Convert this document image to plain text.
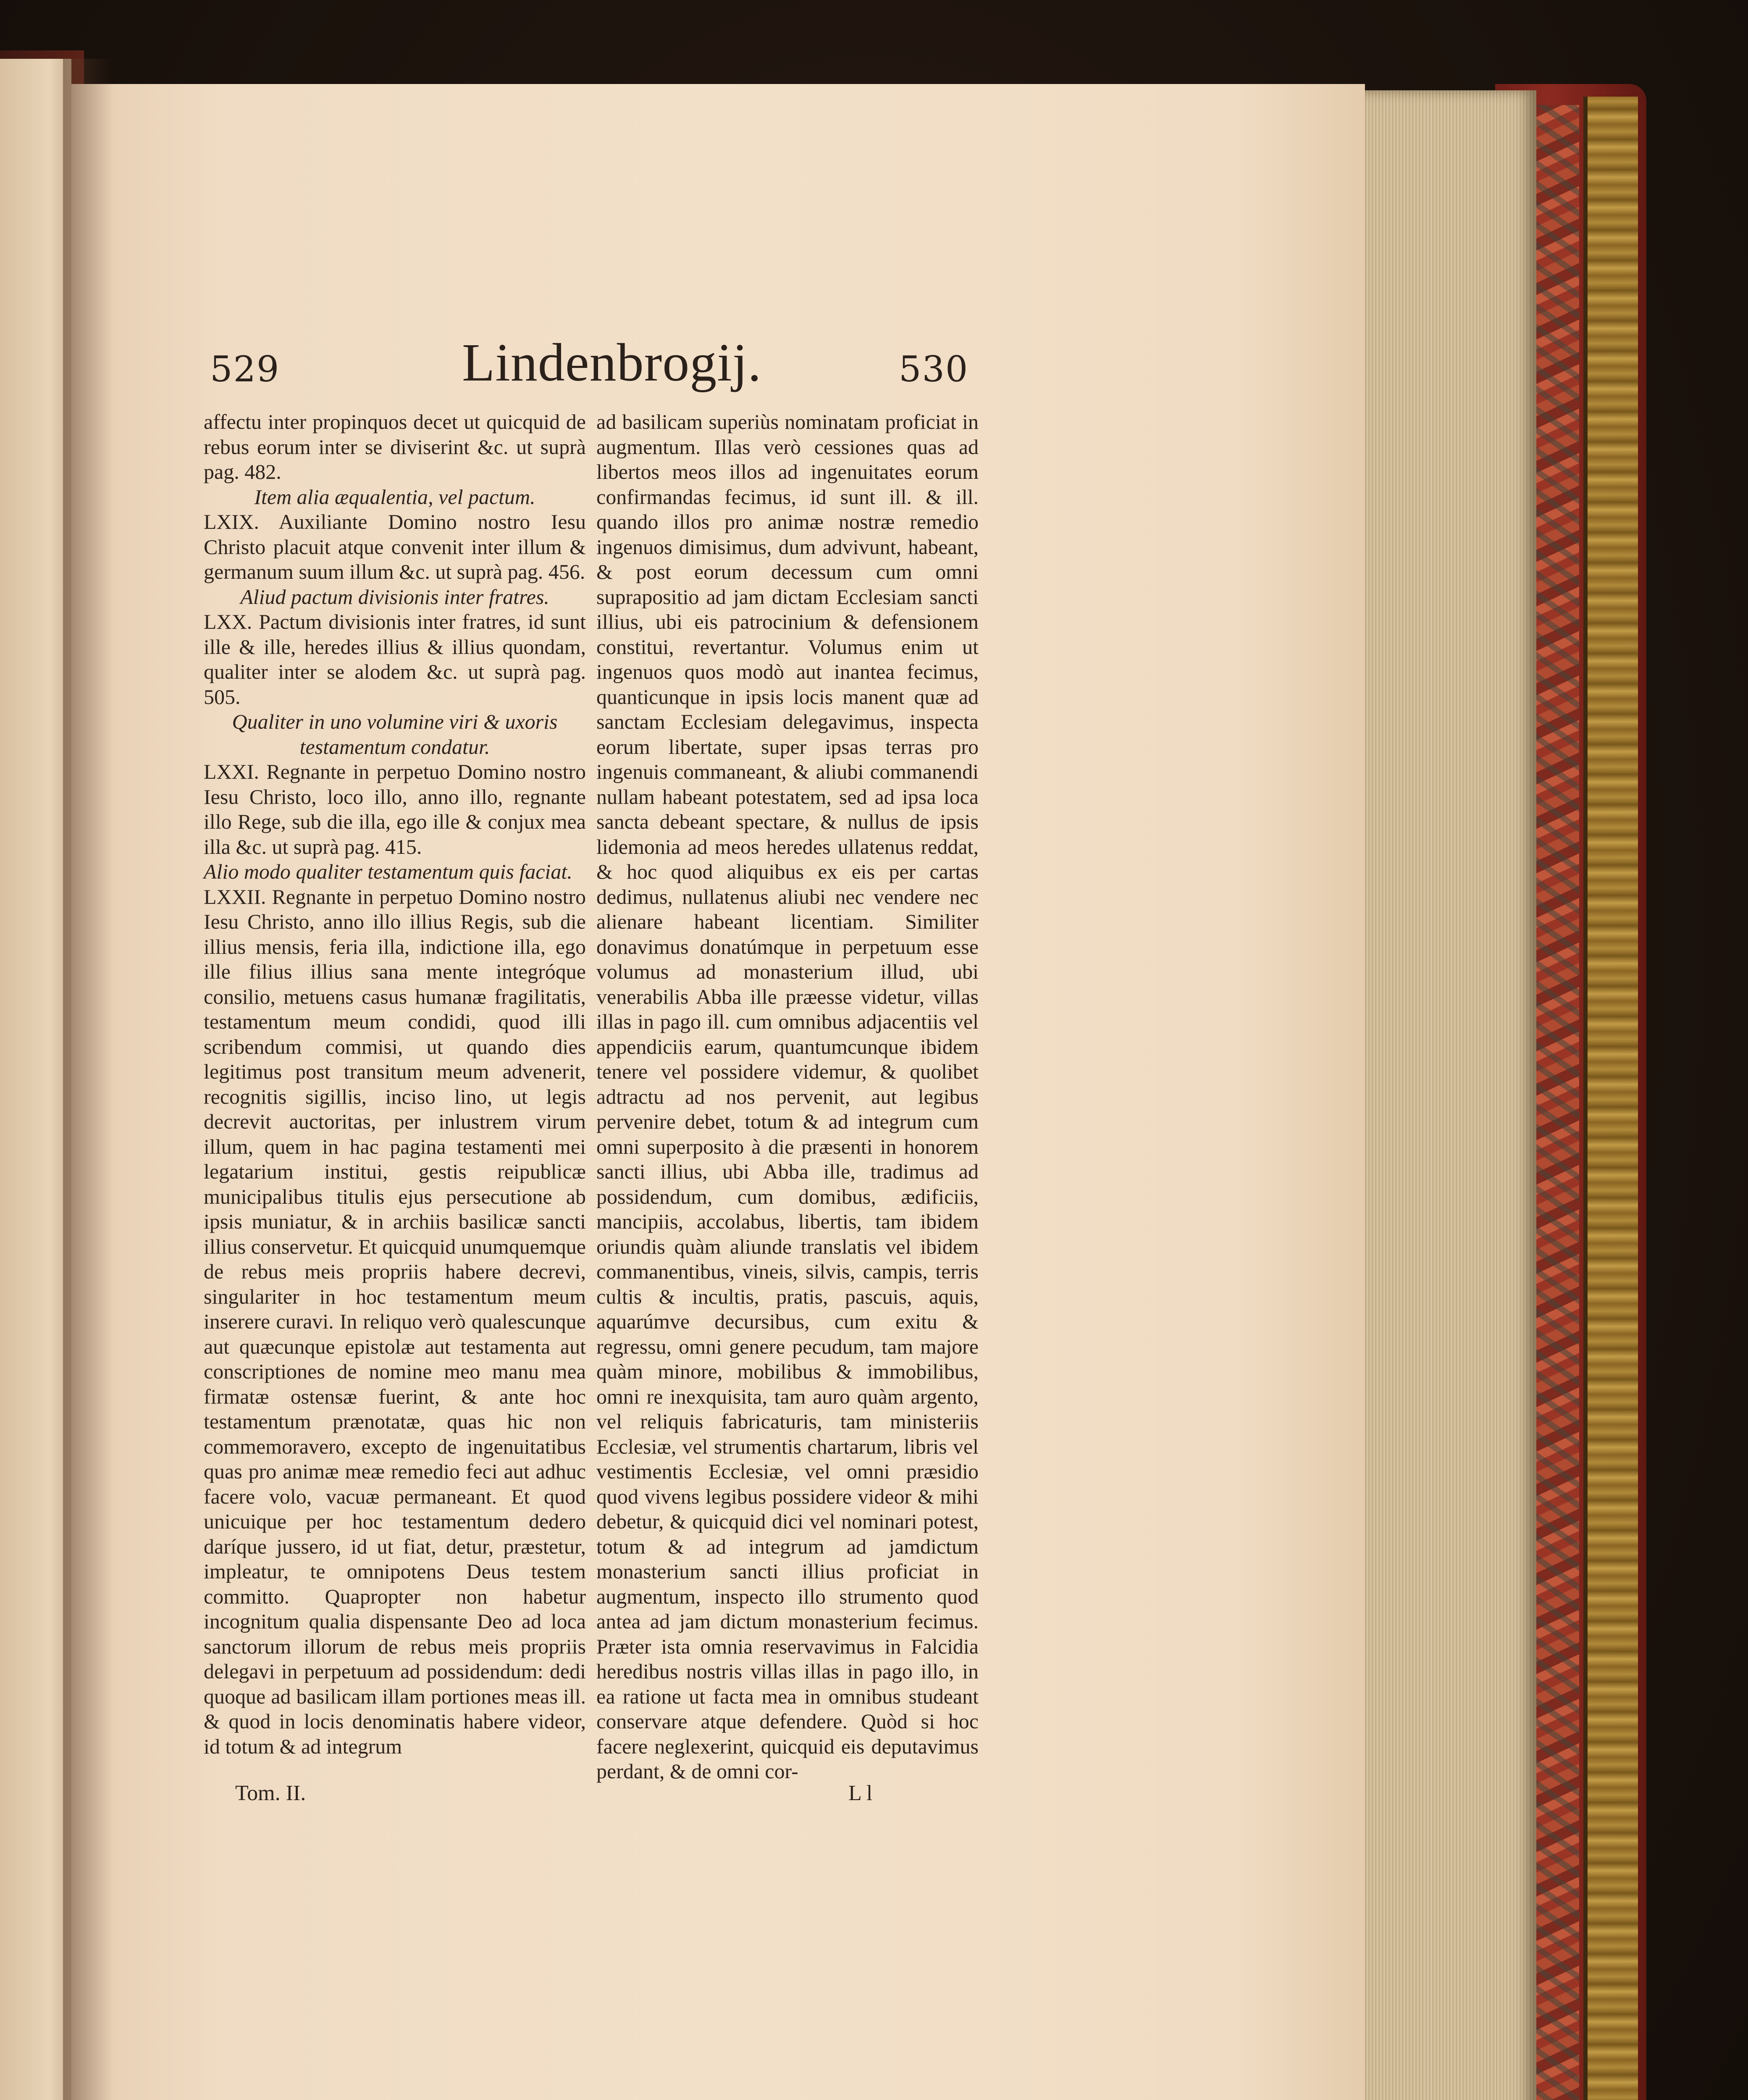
529	Lindenbrogij.	530

affectu inter propinquos decet ut quicquid de rebus eorum inter se diviserint &c. ut suprà pag. 482.

Item alia æqualentia, vel pactum.

LXIX. Auxiliante Domino nostro Iesu Christo placuit atque convenit inter illum & germanum suum illum &c. ut suprà pag. 456.

Aliud pactum divisionis inter fratres.

LXX. Pactum divisionis inter fratres, id sunt ille & ille, heredes illius & illius quondam, qualiter inter se alodem &c. ut suprà pag. 505.

Qualiter in uno volumine viri & uxoris testamentum condatur.

LXXI. Regnante in perpetuo Domino nostro Iesu Christo, loco illo, anno illo, regnante illo Rege, sub die illa, ego ille & conjux mea illa &c. ut suprà pag. 415.

Alio modo qualiter testamentum quis faciat.

LXXII. Regnante in perpetuo Domino nostro Iesu Christo, anno illo illius Regis, sub die illius mensis, feria illa, indictione illa, ego ille filius illius sana mente integróque consilio, metuens casus humanæ fragilitatis, testamentum meum condidi, quod illi scribendum commisi, ut quando dies legitimus post transitum meum advenerit, recognitis sigillis, inciso lino, ut legis decrevit auctoritas, per inlustrem virum illum, quem in hac pagina testamenti mei legatarium institui, gestis reipublicæ municipalibus titulis ejus persecutione ab ipsis muniatur, & in archiis basilicæ sancti illius conservetur. Et quicquid unumquemque de rebus meis propriis habere decrevi, singulariter in hoc testamentum meum inserere curavi. In reliquo verò qualescunque aut quæcunque epistolæ aut testamenta aut conscriptiones de nomine meo manu mea firmatæ ostensæ fuerint, & ante hoc testamentum prænotatæ, quas hic non commemoravero, excepto de ingenuitatibus quas pro animæ meæ remedio feci aut adhuc facere volo, vacuæ permaneant. Et quod unicuique per hoc testamentum dedero daríque jussero, id ut fiat, detur, præstetur, impleatur, te omnipotens Deus testem committo. Quapropter non habetur incognitum qualia dispensante Deo ad loca sanctorum illorum de rebus meis propriis delegavi in perpetuum ad possidendum: dedi quoque ad basilicam illam portiones meas ill. & quod in locis denominatis habere videor, id totum & ad integrum

ad basilicam superiùs nominatam proficiat in augmentum. Illas verò cessiones quas ad libertos meos illos ad ingenuitates eorum confirmandas fecimus, id sunt ill. & ill. quando illos pro animæ nostræ remedio ingenuos dimisimus, dum advivunt, habeant, & post eorum decessum cum omni suprapositio ad jam dictam Ecclesiam sancti illius, ubi eis patrocinium & defensionem constitui, revertantur. Volumus enim ut ingenuos quos modò aut inantea fecimus, quanticunque in ipsis locis manent quæ ad sanctam Ecclesiam delegavimus, inspecta eorum libertate, super ipsas terras pro ingenuis commaneant, & aliubi commanendi nullam habeant potestatem, sed ad ipsa loca sancta debeant spectare, & nullus de ipsis lidemonia ad meos heredes ullatenus reddat, & hoc quod aliquibus ex eis per cartas dedimus, nullatenus aliubi nec vendere nec alienare habeant licentiam. Similiter donavimus donatúmque in perpetuum esse volumus ad monasterium illud, ubi venerabilis Abba ille præesse videtur, villas illas in pago ill. cum omnibus adjacentiis vel appendiciis earum, quantumcunque ibidem tenere vel possidere videmur, & quolibet adtractu ad nos pervenit, aut legibus pervenire debet, totum & ad integrum cum omni superposito à die præsenti in honorem sancti illius, ubi Abba ille, tradimus ad possidendum, cum domibus, ædificiis, mancipiis, accolabus, libertis, tam ibidem oriundis quàm aliunde translatis vel ibidem commanentibus, vineis, silvis, campis, terris cultis & incultis, pratis, pascuis, aquis, aquarúmve decursibus, cum exitu & regressu, omni genere pecudum, tam majore quàm minore, mobilibus & immobilibus, omni re inexquisita, tam auro quàm argento, vel reliquis fabricaturis, tam ministeriis Ecclesiæ, vel strumentis chartarum, libris vel vestimentis Ecclesiæ, vel omni præsidio quod vivens legibus possidere videor & mihi debetur, & quicquid dici vel nominari potest, totum & ad integrum ad jamdictum monasterium sancti illius proficiat in augmentum, inspecto illo strumento quod antea ad jam dictum monasterium fecimus. Præter ista omnia reservavimus in Falcidia heredibus nostris villas illas in pago illo, in ea ratione ut facta mea in omnibus studeant conservare atque defendere. Quòd si hoc facere neglexerint, quicquid eis deputavimus perdant, & de omni cor-

Tom. II.	L l
